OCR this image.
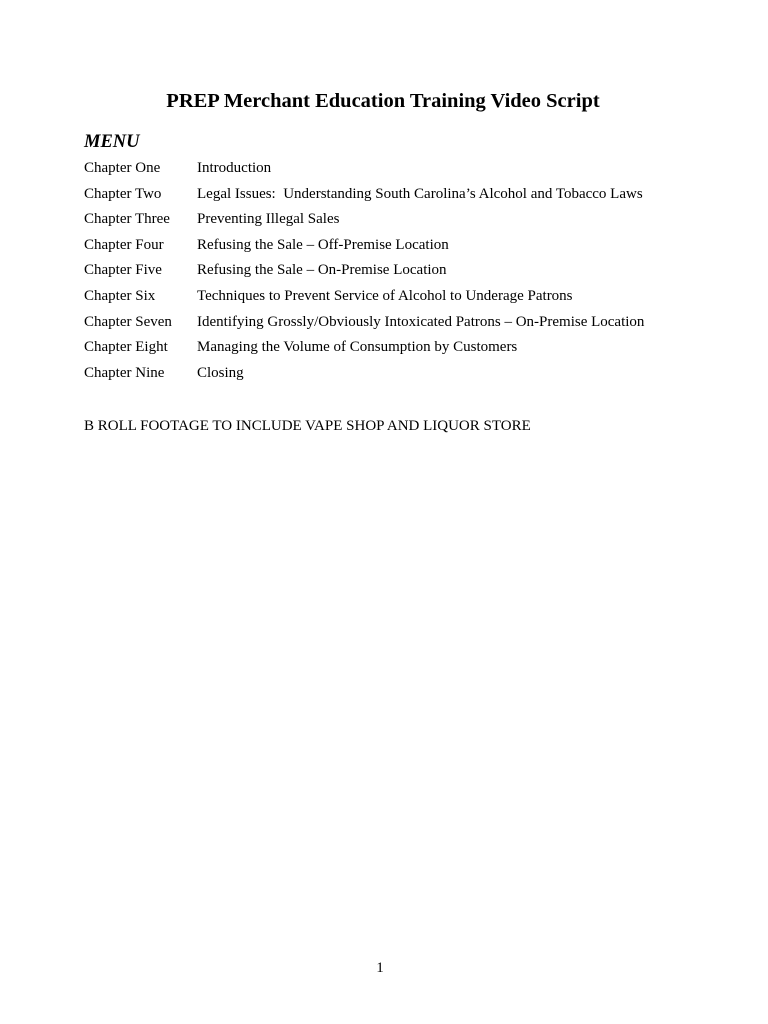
PREP Merchant Education Training Video Script
MENU
Chapter One Introduction
Chapter Two Legal Issues:  Understanding South Carolina’s Alcohol and Tobacco Laws
Chapter Three Preventing Illegal Sales
Chapter Four Refusing the Sale – Off-Premise Location
Chapter Five Refusing the Sale – On-Premise Location
Chapter Six	Techniques to Prevent Service of Alcohol to Underage Patrons
Chapter Seven Identifying Grossly/Obviously Intoxicated Patrons – On-Premise Location
Chapter Eight Managing the Volume of Consumption by Customers
Chapter Nine Closing
B ROLL FOOTAGE TO INCLUDE VAPE SHOP AND LIQUOR STORE
1
